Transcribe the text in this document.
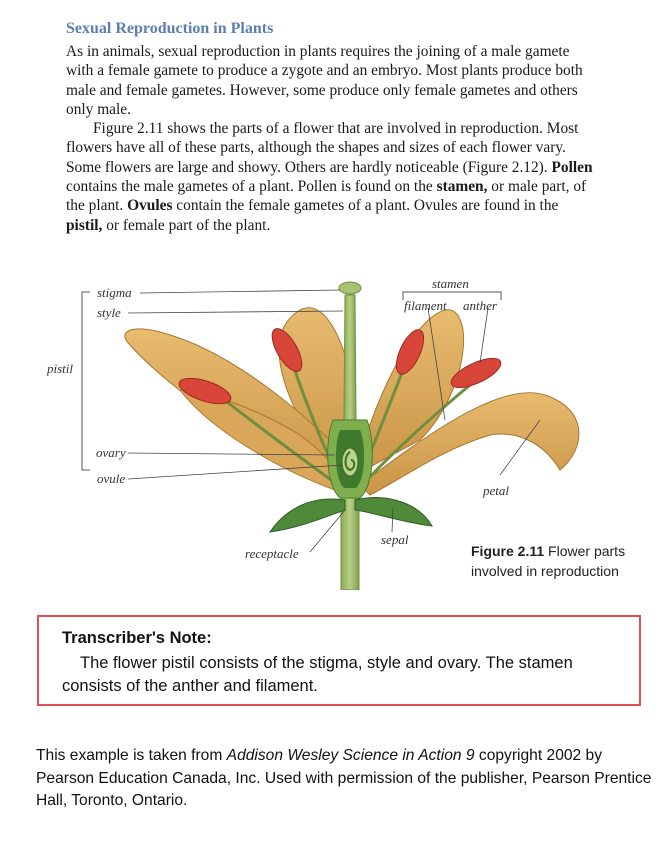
Sexual Reproduction in Plants

As in animals, sexual reproduction in plants requires the joining of a male gamete with a female gamete to produce a zygote and an embryo. Most plants produce both male and female gametes. However, some produce only female gametes and others only male.

Figure 2.11 shows the parts of a flower that are involved in reproduction. Most flowers have all of these parts, although the shapes and sizes of each flower vary. Some flowers are large and showy. Others are hardly noticeable (Figure 2.12). Pollen contains the male gametes of a plant. Pollen is found on the stamen, or male part, of the plant. Ovules contain the female gametes of a plant. Ovules are found in the pistil, or female part of the plant.

stigma
style
pistil
ovary
ovule
stamen
filament anther
petal
sepal
receptacle	Figure 2.11 Flower parts involved in reproduction

Transcriber's Note:

The flower pistil consists of the stigma, style and ovary. The stamen consists of the anther and filament.

This example is taken from Addison Wesley Science in Action 9 copyright 2002 by Pearson Education Canada, Inc. Used with permission of the publisher, Pearson Prentice Hall, Toronto, Ontario.
